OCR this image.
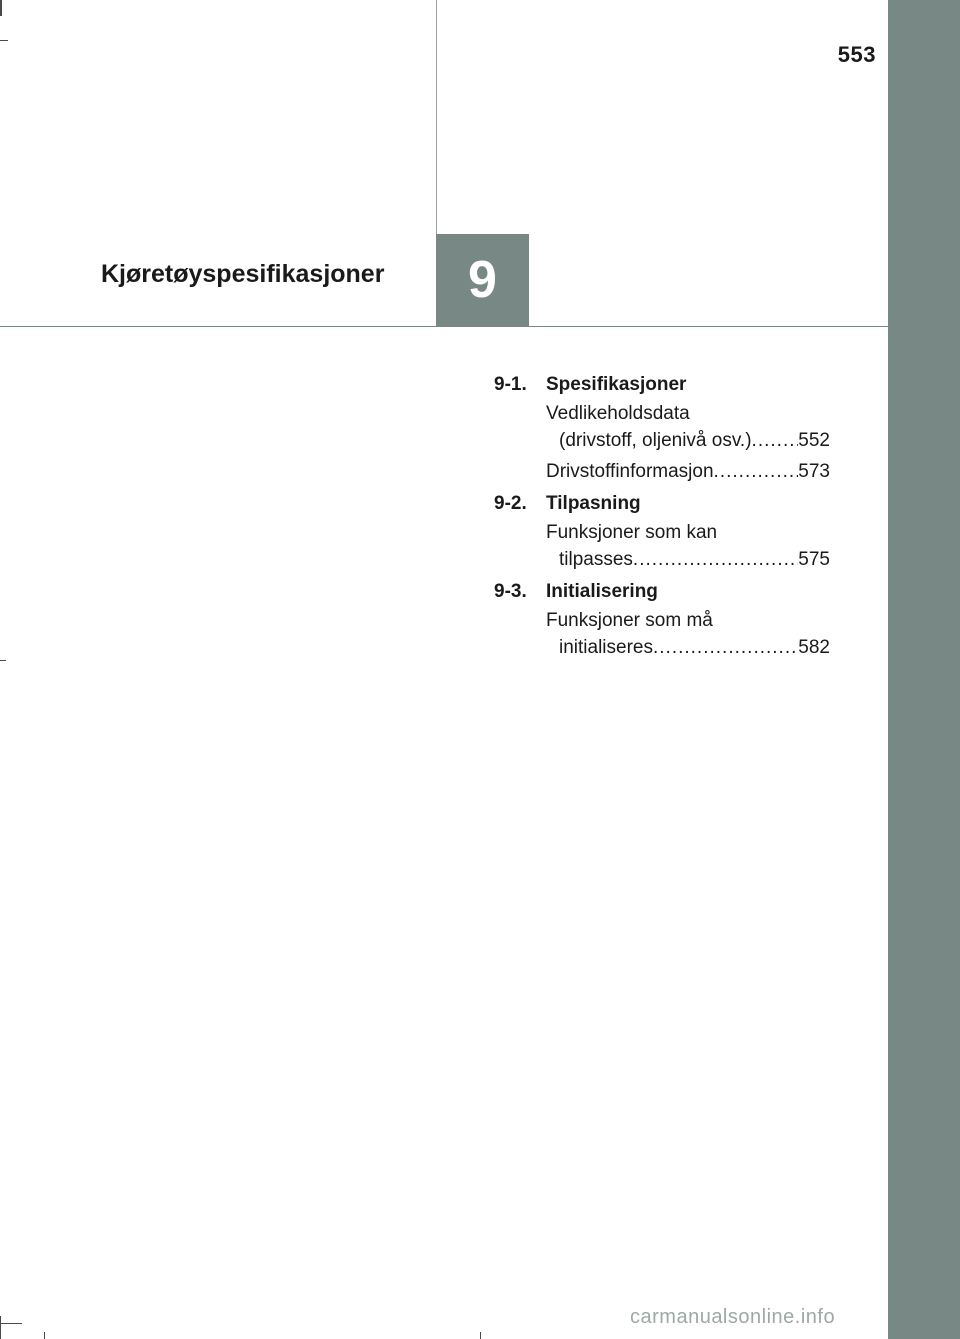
553
Kjøretøyspesifikasjoner	9
9-1.	Spesifikasjoner
Vedlikeholdsdata
(drivstoff, oljenivå osv.) ..... 552
Drivstoffinformasjon .....	573
9-2.	Tilpasning
Funksjoner som kan
tilpasses .....	575
9-3.	Initialisering
Funksjoner som må
initialiseres .....	582
carmanualsonline.info
